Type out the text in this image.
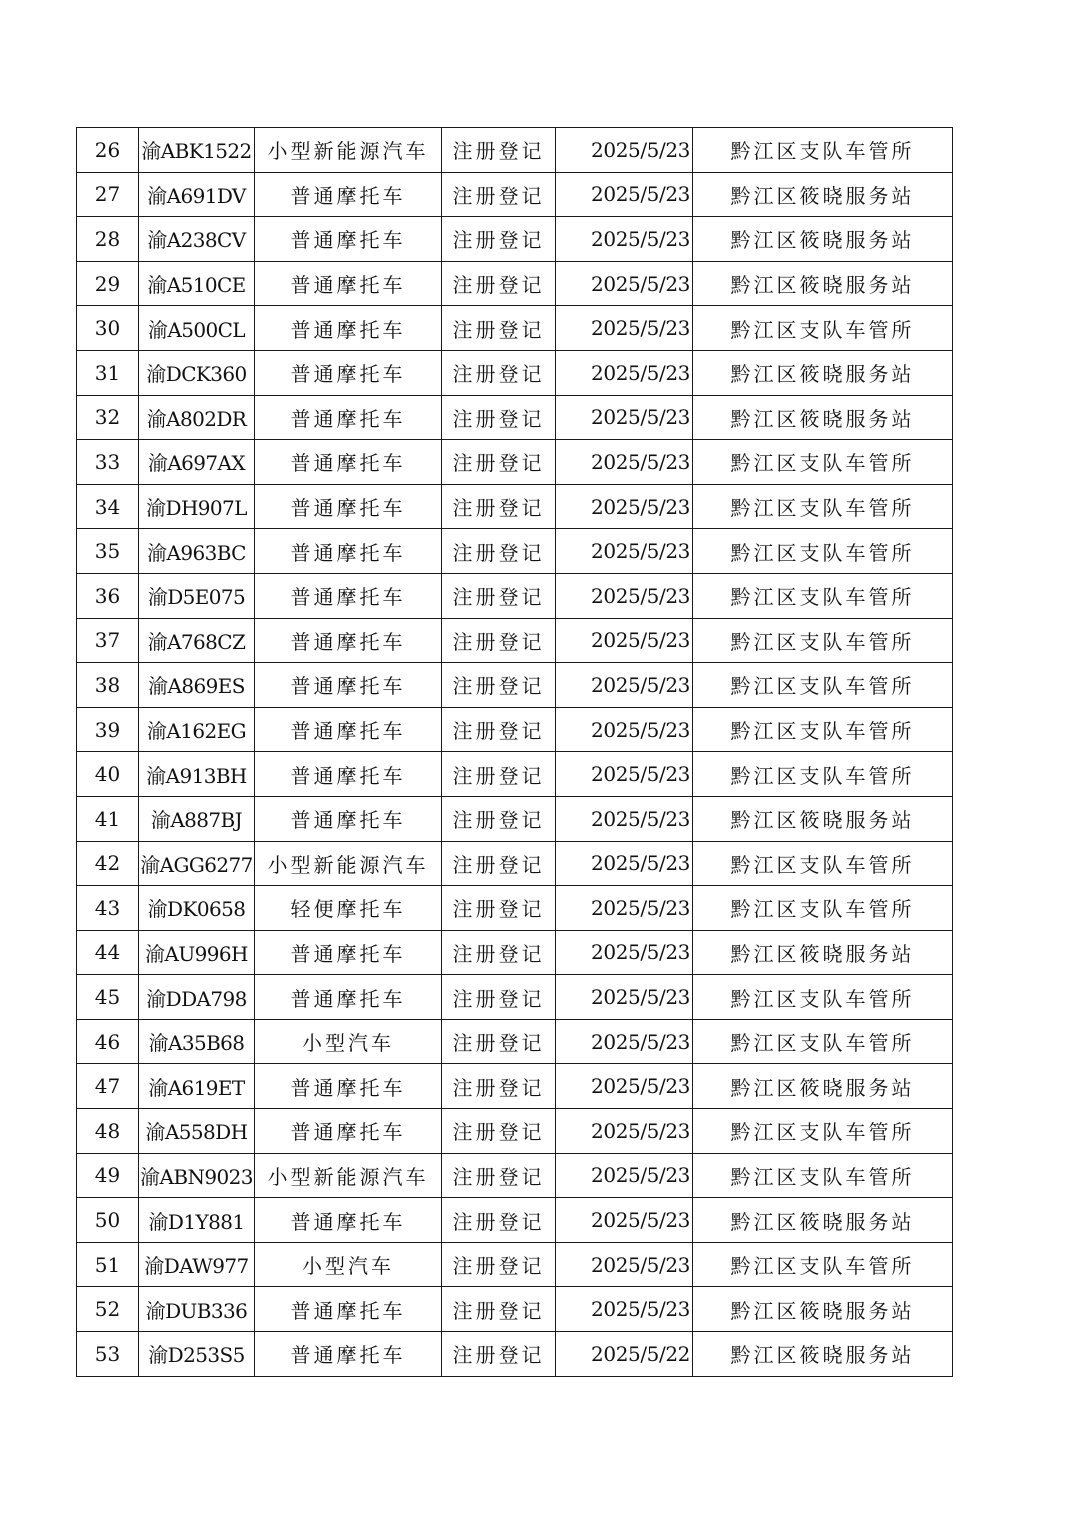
26	渝ABK1522	小型新能源汽车	注册登记	2025/5/23	黔江区支队车管所
27	渝A691DV	普通摩托车	注册登记	2025/5/23	黔江区筱晓服务站
28	渝A238CV	普通摩托车	注册登记	2025/5/23	黔江区筱晓服务站
29	渝A510CE	普通摩托车	注册登记	2025/5/23	黔江区筱晓服务站
30	渝A500CL	普通摩托车	注册登记	2025/5/23	黔江区支队车管所
31	渝DCK360	普通摩托车	注册登记	2025/5/23	黔江区筱晓服务站
32	渝A802DR	普通摩托车	注册登记	2025/5/23	黔江区筱晓服务站
33	渝A697AX	普通摩托车	注册登记	2025/5/23	黔江区支队车管所
34	渝DH907L	普通摩托车	注册登记	2025/5/23	黔江区支队车管所
35	渝A963BC	普通摩托车	注册登记	2025/5/23	黔江区支队车管所
36	渝D5E075	普通摩托车	注册登记	2025/5/23	黔江区支队车管所
37	渝A768CZ	普通摩托车	注册登记	2025/5/23	黔江区支队车管所
38	渝A869ES	普通摩托车	注册登记	2025/5/23	黔江区支队车管所
39	渝A162EG	普通摩托车	注册登记	2025/5/23	黔江区支队车管所
40	渝A913BH	普通摩托车	注册登记	2025/5/23	黔江区支队车管所
41	渝A887BJ	普通摩托车	注册登记	2025/5/23	黔江区筱晓服务站
42	渝AGG6277	小型新能源汽车	注册登记	2025/5/23	黔江区支队车管所
43	渝DK0658	轻便摩托车	注册登记	2025/5/23	黔江区支队车管所
44	渝AU996H	普通摩托车	注册登记	2025/5/23	黔江区筱晓服务站
45	渝DDA798	普通摩托车	注册登记	2025/5/23	黔江区支队车管所
46	渝A35B68	小型汽车	注册登记	2025/5/23	黔江区支队车管所
47	渝A619ET	普通摩托车	注册登记	2025/5/23	黔江区筱晓服务站
48	渝A558DH	普通摩托车	注册登记	2025/5/23	黔江区支队车管所
49	渝ABN9023	小型新能源汽车	注册登记	2025/5/23	黔江区支队车管所
50	渝D1Y881	普通摩托车	注册登记	2025/5/23	黔江区筱晓服务站
51	渝DAW977	小型汽车	注册登记	2025/5/23	黔江区支队车管所
52	渝DUB336	普通摩托车	注册登记	2025/5/23	黔江区筱晓服务站
53	渝D253S5	普通摩托车	注册登记	2025/5/22	黔江区筱晓服务站
